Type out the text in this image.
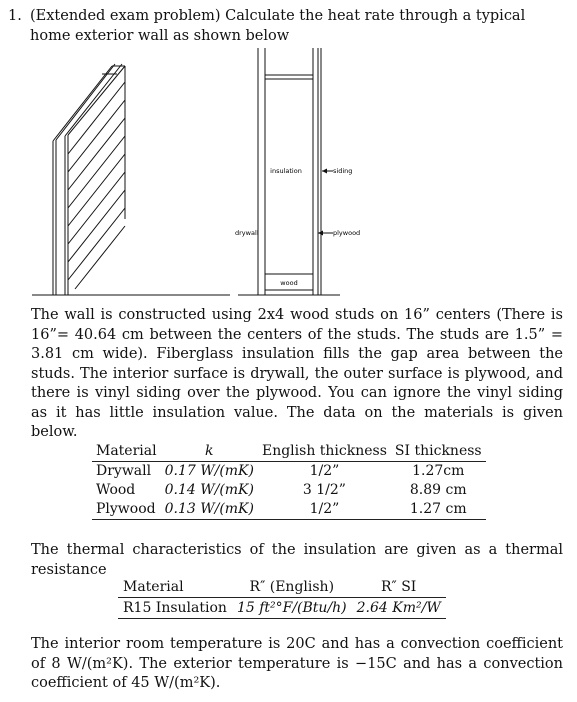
1. (Extended exam problem) Calculate the heat rate through a typical home exterior wall as shown below
insulation	siding
drywall	plywood
wood
The wall is constructed using 2x4 wood studs on 16” centers (There is 16”= 40.64 cm between the centers of the studs. The studs are 1.5” = 3.81 cm wide). Fiberglass insulation fills the gap area between the studs. The interior surface is drywall, the outer surface is plywood, and there is vinyl siding over the plywood. You can ignore the vinyl siding as it has little insulation value. The data on the materials is given below.
Material	k	English thickness	SI thickness
Drywall	0.17 W/(mK)	1/2”	1.27cm
Wood	0.14 W/(mK)	3 1/2”	8.89 cm
Plywood	0.13 W/(mK)	1/2”	1.27 cm
The thermal characteristics of the insulation are given as a thermal resistance
Material	R″ (English)	R″ SI
R15 Insulation	15 ft²°F/(Btu/h)	2.64 Km²/W
The interior room temperature is 20C and has a convection coefficient of 8 W/(m²K). The exterior temperature is −15C and has a convection coefficient of 45 W/(m²K).
